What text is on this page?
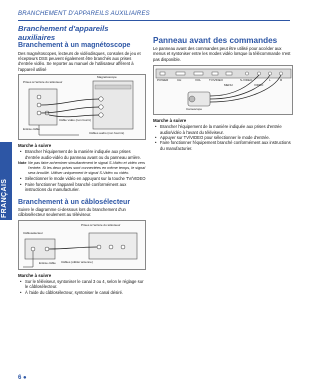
FRANÇAIS
BRANCHEMENT D'APPAREILS AUXILIAIRES
Branchement d'appareils auxiliaires
Branchement à un magnétoscope

Des magnétoscopes, lecteurs de vidéodisques, consoles de jeu et récepteurs DSS peuvent également être branchés aux prises d'entrée vidéo. Se reporter au manuel de l'utilisateur afférent à l'appareil utilisé

Magnétoscope
Prises à l'arrière du téléviseur
Câble vidéo (non fourni)
Entrée câble
Câbles audio (non fournis)
Marche à suivre
• Brancher l'équipement de la manière indiquée aux prises d'entrée audio-vidéo du panneau avant ou du panneau arrière.
Note Ne pas faire acheminer simultanément le signal S-Vidéo et vidéo vers l'entrée. Si les deux prises sont connectées en même temps, le signal sera brouillé. Utiliser uniquement le signal S-Vidéo ou vidéo.
• Sélectionner le mode vidéo en appuyant sur la touche TV/VIDEO
• Faire fonctionner l'appareil branché conformément aux instructions du manufacturier.
Branchement à un câblosélecteur

Suivre le diagramme ci-dessous lors du branchement d'un câblosélecteur seulement au téléviseur.

Prises à l'arrière du téléviseur
Câblosélecteur
Câbles (câble/ antenne)
Entrée câble
Marche à suivre
• Sur le téléviseur, syntoniser le canal 3 ou 4, selon le réglage sur le câblosélecteur.
• À l'aide du câblosélecteur, syntoniser le canal désiré.
Panneau avant des commandes

Le panneau avant des commandes peut être utilisé pour accéder aux menus et syntoniser entre les modes vidéo lorsque la télécommande n'est pas disponible.

POWER	CH	VOL	TV/VIDEO
MENU
S-VIDEO
VIDEO
L	R
Camescope
Marche à suivre
• Brancher l'équipement de la manière indiquée aux prises d'entrée audio/vidéo à l'avant du téléviseur.
• Appuyer sur TV/VIDEO pour sélectionner le mode d'entrée.
• Faire fonctionner l'équipement branché conformément aux instructions du manufacturier.
6 ●
